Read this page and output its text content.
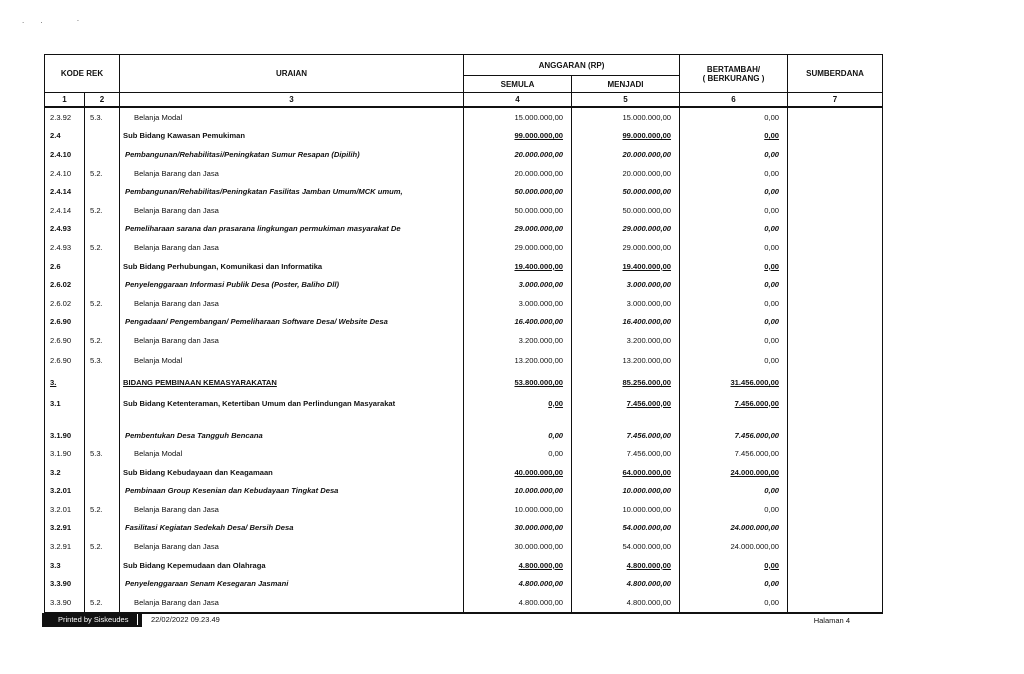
.. ·
KODE REK		URAIAN	ANGGARAN (RP)		BERTAMBAH/
( BERKURANG )	SUMBERDANA
			SEMULA	MENJADI		
1	2	3	4	5	6	7
2.3.92	5.3.	Belanja Modal	15.000.000,00	15.000.000,00	0,00	
2.4		Sub Bidang Kawasan Pemukiman	99.000.000,00	99.000.000,00	0,00	
2.4.10		Pembangunan/Rehabilitasi/Peningkatan Sumur Resapan (Dipilih)	20.000.000,00	20.000.000,00	0,00	
2.4.10	5.2.	Belanja Barang dan Jasa	20.000.000,00	20.000.000,00	0,00	
2.4.14		Pembangunan/Rehabilitas/Peningkatan Fasilitas Jamban Umum/MCK umum,	50.000.000,00	50.000.000,00	0,00	
2.4.14	5.2.	Belanja Barang dan Jasa	50.000.000,00	50.000.000,00	0,00	
2.4.93		Pemeliharaan sarana dan prasarana lingkungan permukiman masyarakat De	29.000.000,00	29.000.000,00	0,00	
2.4.93	5.2.	Belanja Barang dan Jasa	29.000.000,00	29.000.000,00	0,00	
2.6		Sub Bidang Perhubungan, Komunikasi dan Informatika	19.400.000,00	19.400.000,00	0,00	
2.6.02		Penyelenggaraan Informasi Publik Desa (Poster, Baliho Dll)	3.000.000,00	3.000.000,00	0,00	
2.6.02	5.2.	Belanja Barang dan Jasa	3.000.000,00	3.000.000,00	0,00	
2.6.90		Pengadaan/ Pengembangan/ Pemeliharaan Software Desa/ Website Desa	16.400.000,00	16.400.000,00	0,00	
2.6.90	5.2.	Belanja Barang dan Jasa	3.200.000,00	3.200.000,00	0,00	
2.6.90	5.3.	Belanja Modal	13.200.000,00	13.200.000,00	0,00	
3.		BIDANG PEMBINAAN KEMASYARAKATAN	53.800.000,00	85.256.000,00	31.456.000,00	
3.1		Sub Bidang Ketenteraman, Ketertiban Umum dan Perlindungan Masyarakat	0,00	7.456.000,00	7.456.000,00	
3.1.90		Pembentukan Desa Tangguh Bencana	0,00	7.456.000,00	7.456.000,00	
3.1.90	5.3.	Belanja Modal	0,00	7.456.000,00	7.456.000,00	
3.2		Sub Bidang Kebudayaan dan Keagamaan	40.000.000,00	64.000.000,00	24.000.000,00	
3.2.01		Pembinaan Group Kesenian dan Kebudayaan Tingkat Desa	10.000.000,00	10.000.000,00	0,00	
3.2.01	5.2.	Belanja Barang dan Jasa	10.000.000,00	10.000.000,00	0,00	
3.2.91		Fasilitasi Kegiatan Sedekah Desa/ Bersih Desa	30.000.000,00	54.000.000,00	24.000.000,00	
3.2.91	5.2.	Belanja Barang dan Jasa	30.000.000,00	54.000.000,00	24.000.000,00	
3.3		Sub Bidang Kepemudaan dan Olahraga	4.800.000,00	4.800.000,00	0,00	
3.3.90		Penyelenggaraan Senam Kesegaran Jasmani	4.800.000,00	4.800.000,00	0,00	
3.3.90	5.2.	Belanja Barang dan Jasa	4.800.000,00	4.800.000,00	0,00	
Printed by Siskeudes	22/02/2022 09.23.49	Halaman 4
